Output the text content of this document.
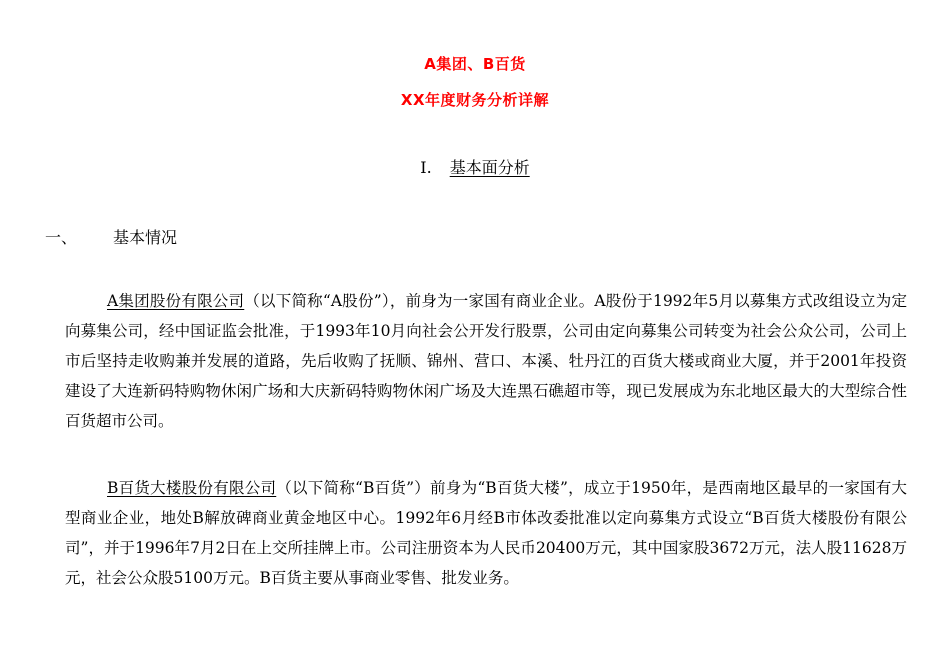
A集团、B百货
XX年度财务分析详解
I. 基本面分析
一、 基本情况

A集团股份有限公司（以下简称“A股份”），前身为一家国有商业企业。A股份于1992年5月以募集方式改组设立为定向募集公司，经中国证监会批准，于1993年10月向社会公开发行股票，公司由定向募集公司转变为社会公众公司，公司上市后坚持走收购兼并发展的道路，先后收购了抚顺、锦州、营口、本溪、牡丹江的百货大楼或商业大厦，并于2001年投资建设了大连新码特购物休闲广场和大庆新码特购物休闲广场及大连黑石礁超市等，现已发展成为东北地区最大的大型综合性百货超市公司。

B百货大楼股份有限公司（以下简称“B百货”）前身为“B百货大楼”，成立于1950年，是西南地区最早的一家国有大型商业企业，地处B解放碑商业黄金地区中心。1992年6月经B市体改委批准以定向募集方式设立“B百货大楼股份有限公司”，并于1996年7月2日在上交所挂牌上市。公司注册资本为人民币20400万元，其中国家股3672万元，法人股11628万元，社会公众股5100万元。B百货主要从事商业零售、批发业务。
